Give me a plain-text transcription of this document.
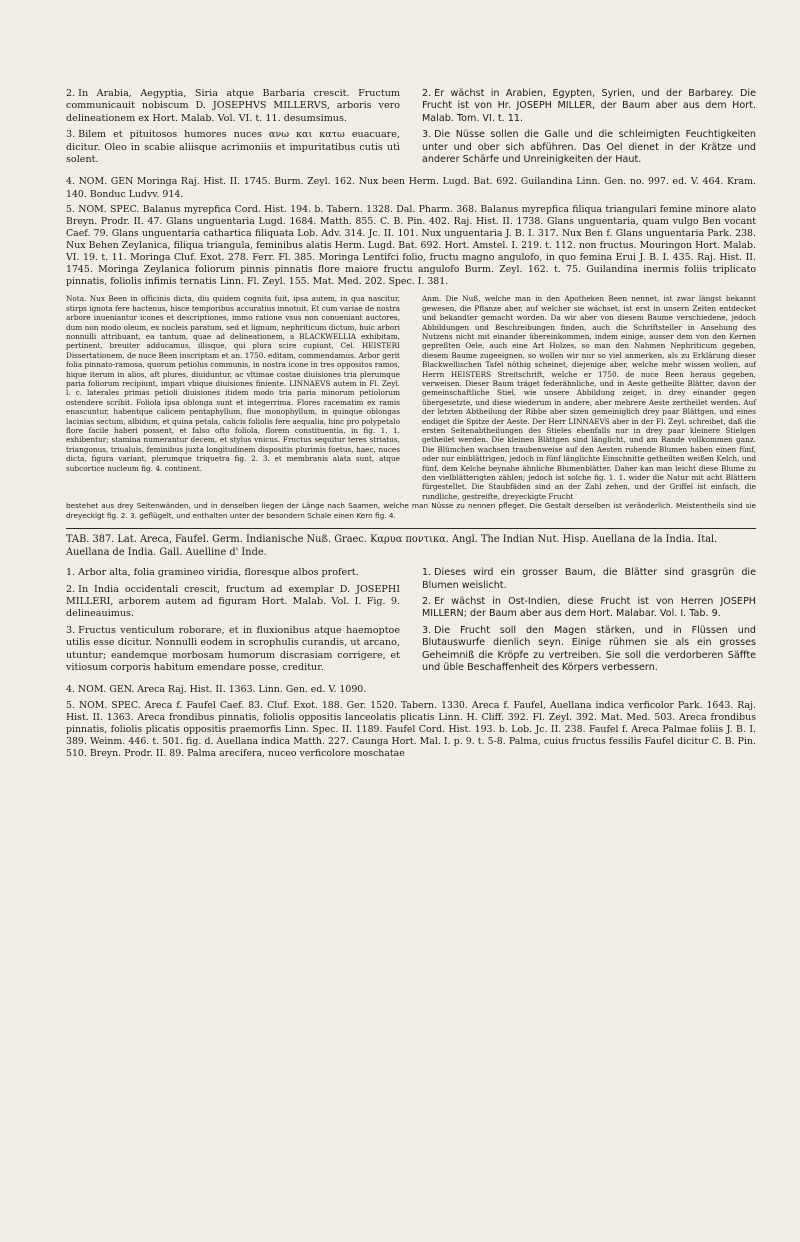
2. In Arabia, Aegyptia, Siria atque Barbaria crescit. Fructum communicauit nobiscum D. JOSEPHVS MILLERVS, arboris vero delineationem ex Hort. Malab. Vol. VI. t. 11. desumsimus.

3. Bilem et pituitosos humores nuces ανω και κατω euacuare, dicitur. Oleo in scabie aliisque acrimoniis et impuritatibus cutis utì solent.

2. Er wächst in Arabien, Egypten, Syrien, und der Barbarey. Die Frucht ist von Hr. JOSEPH MILLER, der Baum aber aus dem Hort. Malab. Tom. VI. t. 11.

3. Die Nüsse sollen die Galle und die schleimigten Feuchtigkeiten unter und ober sich abführen. Das Oel dienet in der Krätze und anderer Schärfe und Unreinigkeiten der Haut.

4. NOM. GEN Moringa Raj. Hist. II. 1745. Burm. Zeyl. 162. Nux been Herm. Lugd. Bat. 692. Guilandina Linn. Gen. no. 997. ed. V. 464. Kram. 140. Bonduc Ludvv. 914.

5. NOM. SPEC. Balanus myrepfica Cord. Hist. 194. b. Tabern. 1328. Dal. Pharm. 368. Balanus myrepfica filiqua triangulari femine minore alato Breyn. Prodr. II. 47. Glans unguentaria Lugd. 1684. Matth. 855. C. B. Pin. 402. Raj. Hist. II. 1738. Glans unguentaria, quam vulgo Ben vocant Caef. 79. Glans unguentaria cathartica filiquata Lob. Adv. 314. Jc. II. 101. Nux unguentaria J. B. I. 317. Nux Ben f. Glans unguentaria Park. 238. Nux Behen Zeylanica, filiqua triangula, feminibus alatis Herm. Lugd. Bat. 692. Hort. Amstel. I. 219. t. 112. non fructus. Mouringon Hort. Malab. VI. 19. t. 11. Moringa Cluf. Exot. 278. Ferr. Fl. 385. Moringa Lentifci folio, fructu magno angulofo, in quo femina Erui J. B. I. 435. Raj. Hist. II. 1745. Moringa Zeylanica foliorum pinnis pinnatis flore maiore fructu angulofo Burm. Zeyl. 162. t. 75. Guilandina inermis foliis triplicato pinnatis, foliolis infimis ternatis Linn. Fl. Zeyl. 155. Mat. Med. 202. Spec. I. 381.

Nota. Nux Been in officinis dicta, diu quidem cognita fuit, ipsa autem, in qua nascitur, stirps ignota fere hactenus, hisce temporibus accuratius innotuit. Et cum variae de nostra arbore inueniantur icones et descriptiones, immo ratione vsus non conueniant auctores, dum non modo oleum, ex nucleis paratum, sed et lignum, nephriticum dictum, huic arbori nonnulli attribuant, ea tantum, quae ad delineationem, a BLACKWELLIA exhibitam, pertinent, breuiter adducamus, illisque, qui plura scire cupiunt, Cel. HEISTERI Dissertationem, de nuce Been inscriptam et an. 1750. editam, commendamus. Arbor gerit folia pinnato-ramosa, quorum petiolus communis, in nostra icone in tres oppositos ramos, hique iterum in alios, aft plures, diuiduntur, ac vltimae costae diuisiones tria plerumque paria foliorum recipiunt, impari vbique diuisiones finiente. LINNAEVS autem in Fl. Zeyl. l. c. laterales primas petioli diuisiones itidem modo tria paria minorum petiolorum ostendere scribit. Foliola ipsa oblonga sunt et integerrima. Flores racematim ex ramis enascuntur, habentque calicem pentaphyllum, flue monophyllum, in quinque oblongas lacinias sectum, albidum, et quina petala, calicis foliolis fere aequalia, hinc pro polypetalo flore facile haberi possent, et falso ofto foliola, florem constituentia, in fig. 1. 1. exhibentur; stamina numerantur decem, et stylus vnicus. Fructus sequitur teres striatus, triangonus, triualuis, feminibus juxta longitudinem dispositis plurimis foetus, haec, nuces dicta, figura variant, plerumque triquetra fig. 2. 3. et membranis alata sunt, atque subcortice nucleum fig. 4. continent.
Anm. Die Nuß, welche man in den Apotheken Been nennet, ist zwar längst bekannt gewesen, die Pflanze aber, auf welcher sie wächset, ist erst in unsern Zeiten entdecket und bekandter gemacht worden. Da wir aber von diesem Baume verschiedene, jedoch Abbildungen und Beschreibungen finden, auch die Schriftsteller in Ansehung des Nutzens nicht mit einander übereinkommen, indem einige, ausser dem von den Kernen gepreßten Oele, auch eine Art Holzes, so man den Nahmen Nephriticum gegeben, diesem Baume zugeeignen, so wollen wir nur so viel anmerken, als zu Erklärung dieser Blackwellischen Tafel nöthig scheinet, diejenige aber, welche mehr wissen wollen, auf Herrn HEISTERS Streitschrift, welche er 1750. de nuce Been heraus gegeben, verweisen. Dieser Baum träget federähnliche, und in Aeste getheilte Blätter, davon der gemeinschaftliche Stiel, wie unsere Abbildung zeiget, in drey einander gegen übergesetzte, und diese wiederum in andere, aber mehrere Aeste zertheilet werden. Auf der letzten Abtheilung der Ribbe aber sizen gemeiniglich drey paar Blättgen, und eines endiget die Spitze der Aeste. Der Herr LINNAEVS aber in der Fl. Zeyl. schreibet, daß die ersten Seitenabtheilungen des Stieles ebenfalls nur in drey paar kleinere Stielgen getheilet werden. Die kleinen Blättgen sind länglicht, und am Rande vollkommen ganz. Die Blümchen wachsen traubenweise auf den Aesten ruhende Blumen haben einen fünf, oder nur einblättrigen, jedoch in fünf länglichte Einschnitte getheilten weißen Kelch, und fünf, dem Kelche beynahe ähnliche Blumenblätter. Daher kan man leicht diese Blume zu den vielblätterigten zählen; jedoch ist solche fig. 1. 1. wider die Natur mit acht Blättern fürgestellet. Die Staubfäden sind an der Zahl zehen, und der Griffel ist einfach, die rundliche, gestreifte, dreyeckigte Frucht

bestehet aus drey Seitenwänden, und in denselben liegen der Länge nach Saamen, welche man Nüsse zu nennen pfleget. Die Gestalt derselben ist veränderlich. Meistentheils sind sie dreyeckigt fig. 2. 3. geflügelt, und enthalten unter der besondern Schale einen Kern fig. 4.

TAB. 387. Lat. Areca, Faufel. Germ. Indianische Nuß. Graec. Καρυα ποντικα. Angl. The Indian Nut. Hisp. Auellana de la India. Ital. Auellana de India. Gall. Auelline d' Inde.

1. Arbor alta, folia gramineo viridia, floresque albos profert.

2. In India occidentali crescit, fructum ad exemplar D. JOSEPHI MILLERI, arborem autem ad figuram Hort. Malab. Vol. I. Fig. 9. delineauimus.

3. Fructus venticulum roborare, et in fluxionibus atque haemoptoe utilis esse dicitur. Nonnulli eodem in scrophulis curandis, ut arcano, utuntur; eandemque morbosam humorum discrasiam corrigere, et vitiosum corporis habitum emendare posse, creditur.

1. Dieses wird ein grosser Baum, die Blätter sind grasgrün die Blumen weislicht.

2. Er wächst in Ost-Indien, diese Frucht ist von Herren JOSEPH MILLERN; der Baum aber aus dem Hort. Malabar. Vol. I. Tab. 9.

3. Die Frucht soll den Magen stärken, und in Flüssen und Blutauswurfe dienlich seyn. Einige rühmen sie als ein grosses Geheimniß die Kröpfe zu vertreiben. Sie soll die verdorberen Säffte und üble Beschaffenheit des Körpers verbessern.

4. NOM. GEN. Areca Raj. Hist. II. 1363. Linn. Gen. ed. V. 1090.

5. NOM. SPEC. Areca f. Faufel Caef. 83. Cluf. Exot. 188. Ger. 1520. Tabern. 1330. Areca f. Faufel, Auellana indica verficolor Park. 1643. Raj. Hist. II. 1363. Areca frondibus pinnatis, foliolis oppositis lanceolatis plicatis Linn. H. Cliff. 392. Fl. Zeyl. 392. Mat. Med. 503. Areca frondibus pinnatis, foliolis plicatis oppositis praemorfis Linn. Spec. II. 1189. Faufel Cord. Hist. 193. b. Lob. Jc. II. 238. Faufel f. Areca Palmae foliis J. B. I. 389. Weinm. 446. t. 501. fig. d. Auellana indica Matth. 227. Caunga Hort. Mal. I. p. 9. t. 5-8. Palma, cuius fructus fessilis Faufel dicitur C. B. Pin. 510. Breyn. Prodr. II. 89. Palma arecifera, nuceo verficolore moschatae
